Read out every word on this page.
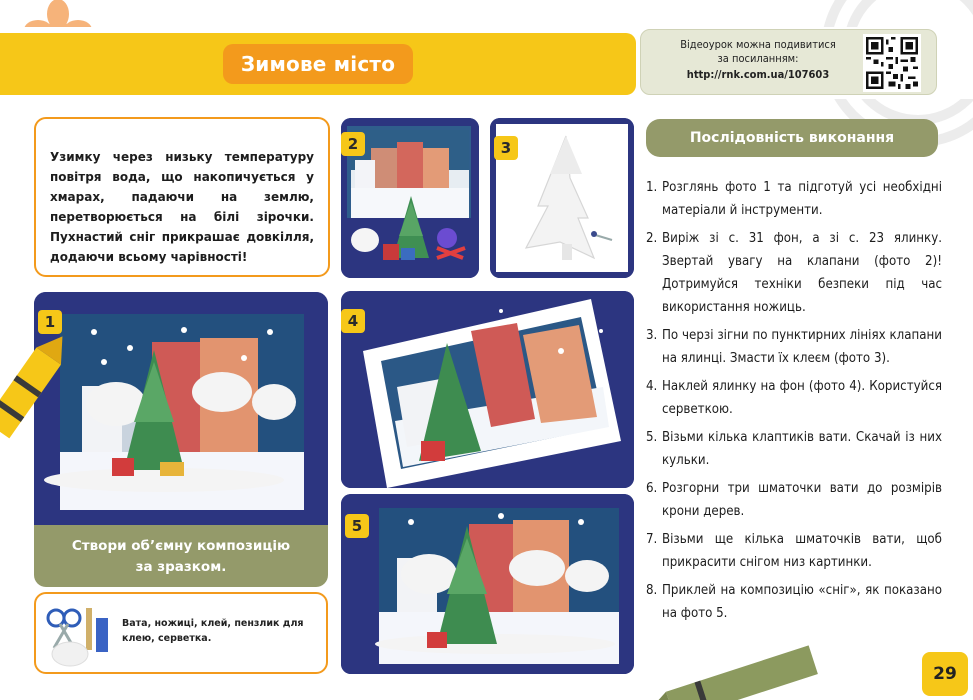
Зимове місто
Відеоурок можна подивитися
за посиланням:
http://rnk.com.ua/107603

Узимку через низьку температуру повітря вода, що накопичується у хмарах, падаючи на землю, перетворюється на білі зірочки. Пухнастий сніг прикрашає довкілля, додаючи всьому чарівності!

2	3
1
Створи об’ємну композицію
за зразком.
Вата, ножиці, клей, пензлик для клею, серветка.
4
5
Послідовність виконання
1. Розглянь фото 1 та підготуй усі необхідні матеріали й інструменти.
2. Виріж зі с. 31 фон, а зі с. 23 ялинку. Звертай увагу на клапани (фото 2)! Дотримуйся техніки безпеки під час використання ножиць.
3. По черзі зігни по пунктирних лініях клапани на ялинці. Змасти їх клеєм (фото 3).
4. Наклей ялинку на фон (фото 4). Користуйся серветкою.
5. Візьми кілька клаптиків вати. Скачай із них кульки.
6. Розгорни три шматочки вати до розмірів крони дерев.
7. Візьми ще кілька шматочків вати, щоб прикрасити снігом низ картинки.
8. Приклей на композицію «сніг», як показано на фото 5.
29
